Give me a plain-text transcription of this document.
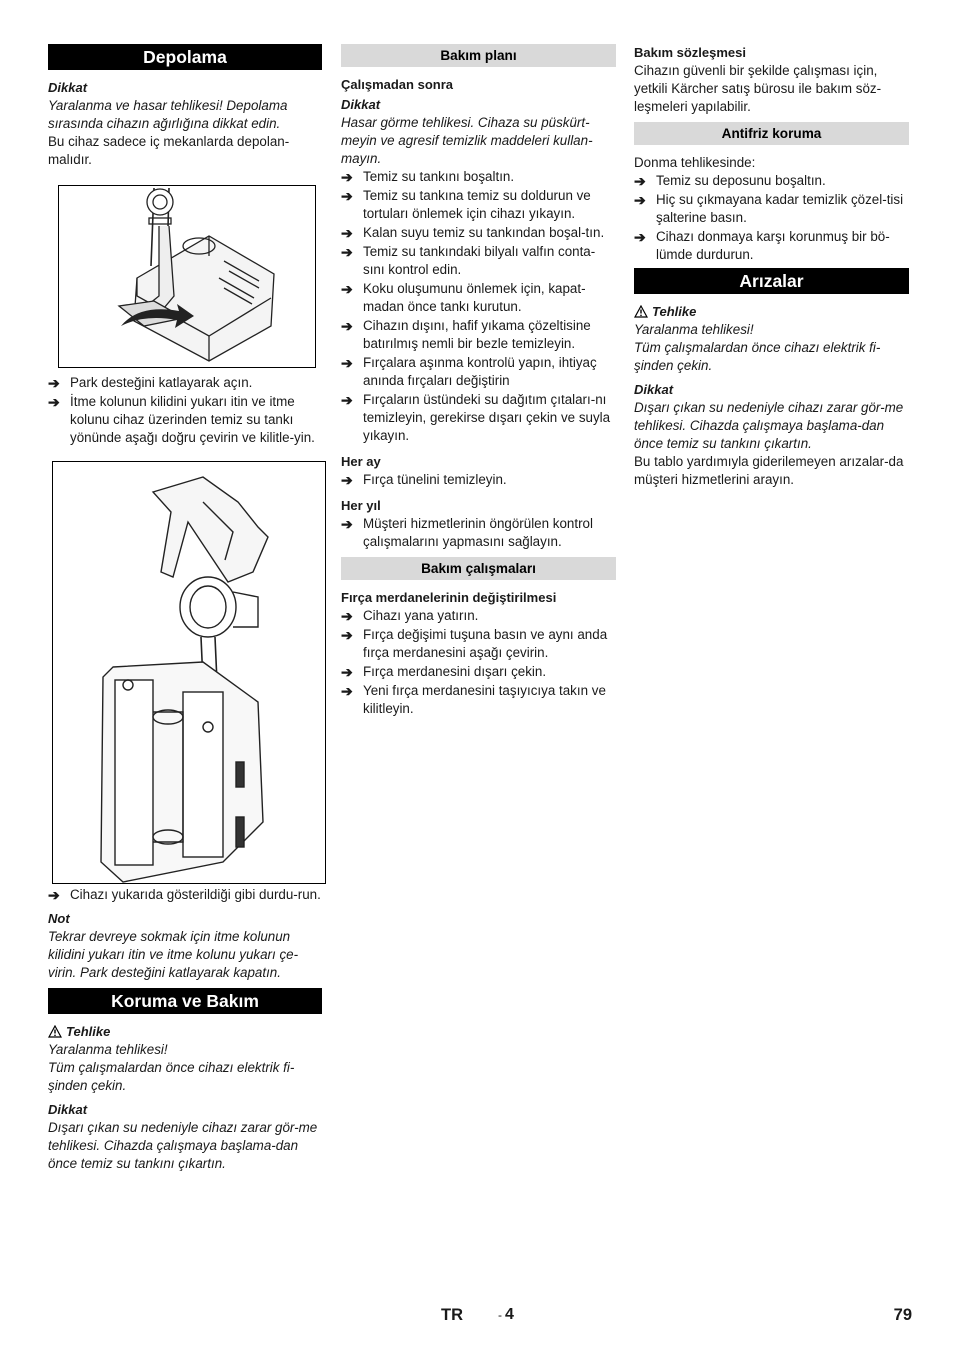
Depolama
Dikkat

Yaralanma ve hasar tehlikesi! Depolama sırasında cihazın ağırlığına dikkat edin.

Bu cihaz sadece iç mekanlarda depolan-malıdır.

➔ Park desteğini katlayarak açın.
➔ İtme kolunun kilidini yukarı itin ve itme kolunu cihaz üzerinden temiz su tankı yönünde aşağı doğru çevirin ve kilitle-yin.
➔ Cihazı yukarıda gösterildiği gibi durdu-run.
Not

Tekrar devreye sokmak için itme kolunun kilidini yukarı itin ve itme kolunu yukarı çe-virin. Park desteğini katlayarak kapatın.

Koruma ve Bakım
Tehlike

Yaralanma tehlikesi!

Tüm çalışmalardan önce cihazı elektrik fi-şinden çekin.

Dikkat

Dışarı çıkan su nedeniyle cihazı zarar gör-me tehlikesi. Cihazda çalışmaya başlama-dan önce temiz su tankını çıkartın.

Bakım planı
Çalışmadan sonra
Dikkat

Hasar görme tehlikesi. Cihaza su püskürt-meyin ve agresif temizlik maddeleri kullan-mayın.

➔ Temiz su tankını boşaltın.
➔ Temiz su tankına temiz su doldurun ve tortuları önlemek için cihazı yıkayın.
➔ Kalan suyu temiz su tankından boşal-tın.
➔ Temiz su tankındaki bilyalı valfın conta-sını kontrol edin.
➔ Koku oluşumunu önlemek için, kapat-madan önce tankı kurutun.
➔ Cihazın dışını, hafif yıkama çözeltisine batırılmış nemli bir bezle temizleyin.
➔ Fırçalara aşınma kontrolü yapın, ihtiyaç anında fırçaları değiştirin
➔ Fırçaların üstündeki su dağıtım çıtaları-nı temizleyin, gerekirse dışarı çekin ve suyla yıkayın.
Her ay
➔ Fırça tünelini temizleyin.
Her yıl
➔ Müşteri hizmetlerinin öngörülen kontrol çalışmalarını yapmasını sağlayın.
Bakım çalışmaları
Fırça merdanelerinin değiştirilmesi
➔ Cihazı yana yatırın.
➔ Fırça değişimi tuşuna basın ve aynı anda fırça merdanesini aşağı çevirin.
➔ Fırça merdanesini dışarı çekin.
➔ Yeni fırça merdanesini taşıyıcıya takın ve kilitleyin.
Bakım sözleşmesi

Cihazın güvenli bir şekilde çalışması için, yetkili Kärcher satış bürosu ile bakım söz-leşmeleri yapılabilir.

Antifriz koruma

Donma tehlikesinde:

➔ Temiz su deposunu boşaltın.
➔ Hiç su çıkmayana kadar temizlik çözel-tisi şalterine basın.
➔ Cihazı donmaya karşı korunmuş bir bö-lümde durdurun.
Arızalar
Tehlike

Yaralanma tehlikesi!

Tüm çalışmalardan önce cihazı elektrik fi-şinden çekin.

Dikkat

Dışarı çıkan su nedeniyle cihazı zarar gör-me tehlikesi. Cihazda çalışmaya başlama-dan önce temiz su tankını çıkartın.

Bu tablo yardımıyla giderilemeyen arızalar-da müşteri hizmetlerini arayın.

TR	- 4	79
